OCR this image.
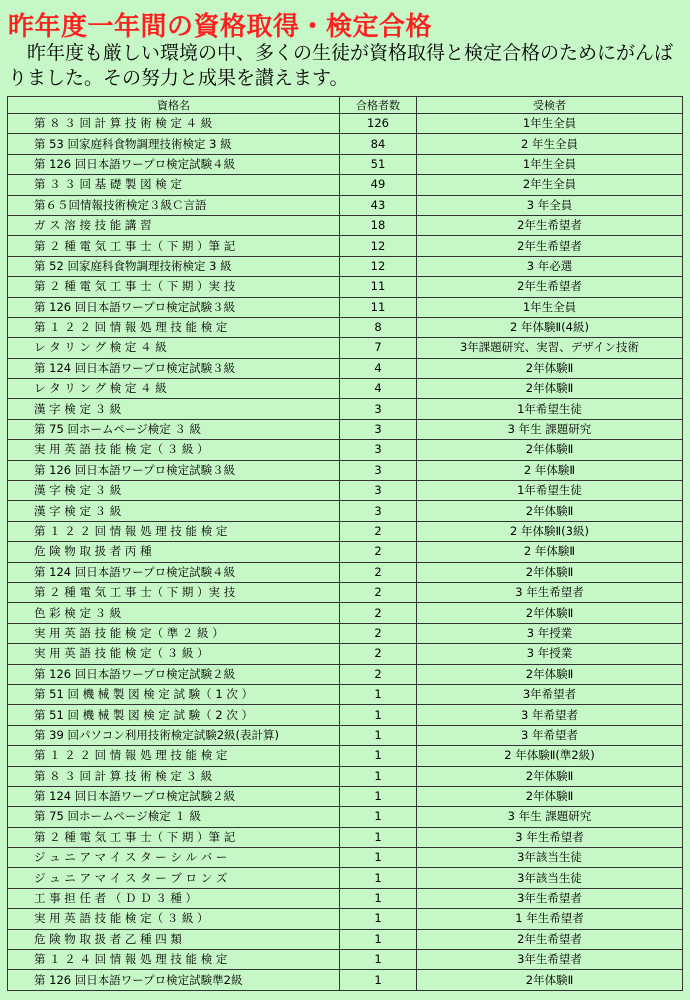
昨年度一年間の資格取得・検定合格
昨年度も厳しい環境の中、多くの生徒が資格取得と検定合格のためにがんばりました。その努力と成果を讃えます。
資格名	合格者数	受検者
第 ８ ３ 回 計 算 技 術 検 定 ４ 級	126	1年生全員
第 53 回家庭科食物調理技術検定 3 級	84	2 年生全員
第 126 回日本語ワープロ検定試験４級	51	1年生全員
第 ３ ３ 回 基 礎 製 図 検 定	49	2年生全員
第６５回情報技術検定３級Ｃ言語	43	3 年全員
ガ ス 溶 接 技 能 講 習	18	2年生希望者
第 ２ 種 電 気 工 事 士（ 下 期 ）筆 記	12	2年生希望者
第 52 回家庭科食物調理技術検定 3 級	12	3 年必選
第 ２ 種 電 気 工 事 士（ 下 期 ）実 技	11	2年生希望者
第 126 回日本語ワープロ検定試験３級	11	1年生全員
第 １ ２ ２ 回 情 報 処 理 技 能 検 定	8	2 年体験Ⅱ(4級)
レ タ リ ン グ 検 定 ４ 級	7	3年課題研究、実習、デザイン技術
第 124 回日本語ワープロ検定試験３級	4	2年体験Ⅱ
レ タ リ ン グ 検 定 ４ 級	4	2年体験Ⅱ
漢 字 検 定 ３ 級	3	1年希望生徒
第 75 回ホームページ検定 ３ 級	3	3 年生 課題研究
実 用 英 語 技 能 検 定（ ３ 級 ）	3	2年体験Ⅱ
第 126 回日本語ワープロ検定試験３級	3	2 年体験Ⅱ
漢 字 検 定 ３ 級	3	1年希望生徒
漢 字 検 定 ３ 級	3	2年体験Ⅱ
第 １ ２ ２ 回 情 報 処 理 技 能 検 定	2	2 年体験Ⅱ(3級)
危 険 物 取 扱 者 丙 種	2	2 年体験Ⅱ
第 124 回日本語ワープロ検定試験４級	2	2年体験Ⅱ
第 ２ 種 電 気 工 事 士（ 下 期 ）実 技	2	3 年生希望者
色 彩 検 定 ３ 級	2	2年体験Ⅱ
実 用 英 語 技 能 検 定（ 準 ２ 級 ）	2	3 年授業
実 用 英 語 技 能 検 定（ ３ 級 ）	2	3 年授業
第 126 回日本語ワープロ検定試験２級	2	2年体験Ⅱ
第 51 回 機 械 製 図 検 定 試 験（ 1 次 ）	1	3年希望者
第 51 回 機 械 製 図 検 定 試 験（ 2 次 ）	1	3 年希望者
第 39 回パソコン利用技術検定試験2級(表計算)	1	3 年希望者
第 １ ２ ２ 回 情 報 処 理 技 能 検 定	1	2 年体験Ⅱ(準2級)
第 ８ ３ 回 計 算 技 術 検 定 ３ 級	1	2年体験Ⅱ
第 124 回日本語ワープロ検定試験２級	1	2年体験Ⅱ
第 75 回ホームページ検定 １ 級	1	3 年生 課題研究
第 ２ 種 電 気 工 事 士（ 下 期 ）筆 記	1	3 年生希望者
ジ ュ ニ ア マ イ ス タ ー シ ル バ ー	1	3年該当生徒
ジ ュ ニ ア マ イ ス タ ー ブ ロ ン ズ	1	3年該当生徒
工 事 担 任 者 （ Ｄ Ｄ ３ 種 ）	1	3年生希望者
実 用 英 語 技 能 検 定（ ３ 級 ）	1	1 年生希望者
危 険 物 取 扱 者 乙 種 四 類	1	2年生希望者
第 １ ２ ４ 回 情 報 処 理 技 能 検 定	1	3年生希望者
第 126 回日本語ワープロ検定試験準2級	1	2年体験Ⅱ
